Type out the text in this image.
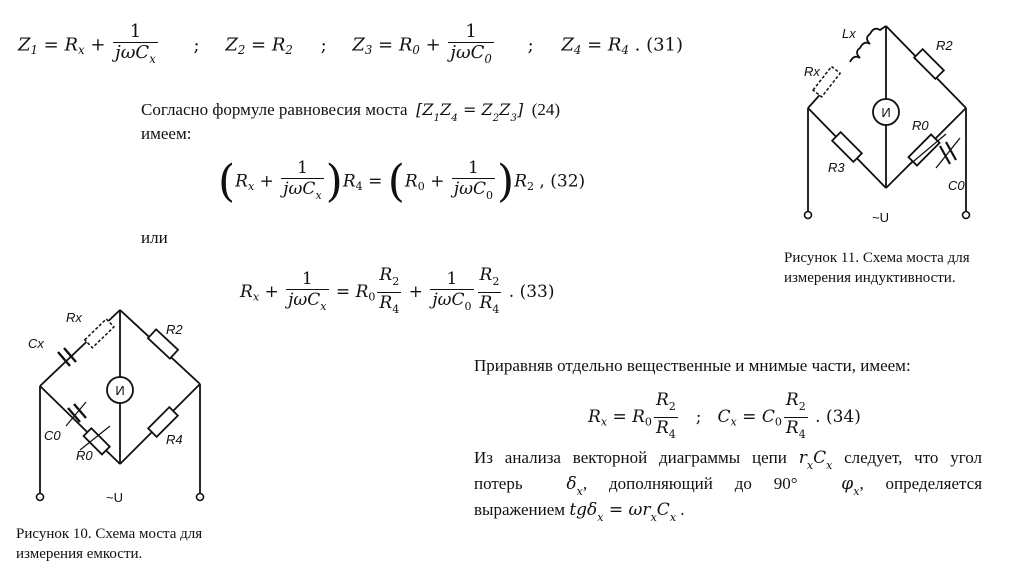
$Z_1 = R_x + \frac{1}{j\omega C_x}$ ; $Z_2 = R_2$ ; $Z_3 = R_0 + \frac{1}{j\omega C_0}$ ; $Z_4 = R_4$ . (31)
Согласно формуле равновесия моста $[Z_1Z_4 = Z_2Z_3]$ (24)
имеем:
$(R_x + \frac{1}{j\omega C_x} )R_4 = (R_0 + \frac{1}{j\omega C_0} )R_2$ , (32)
или
$R_x + \frac{1}{j\omega C_x} = R_0 \frac{R_2}{R_4} + \frac{1}{j\omega C_0} \frac{R_2}{R_4}$ . (33)
Приравняв отдельно вещественные и мнимые части, имеем:
$R_x = R_0 \frac{R_2}{R_4}$ ; $C_x = C_0 \frac{R_2}{R_4}$ . (34)
Из анализа векторной диаграммы цепи $r_xC_x$ следует, что угол
потерь	$\delta_x$, дополняющий до 90°	$\varphi_x$, определяется
выражением $tg\delta_x = \omega r_xC_x$ .
Рисунок 10. Схема моста для
измерения емкости.
Рисунок 11. Схема моста для
измерения индуктивности.
И
Cx
Rx
R2
C0
R0
R4
~U
И
Lx
Rx
R2
R0
R3
C0
~U
